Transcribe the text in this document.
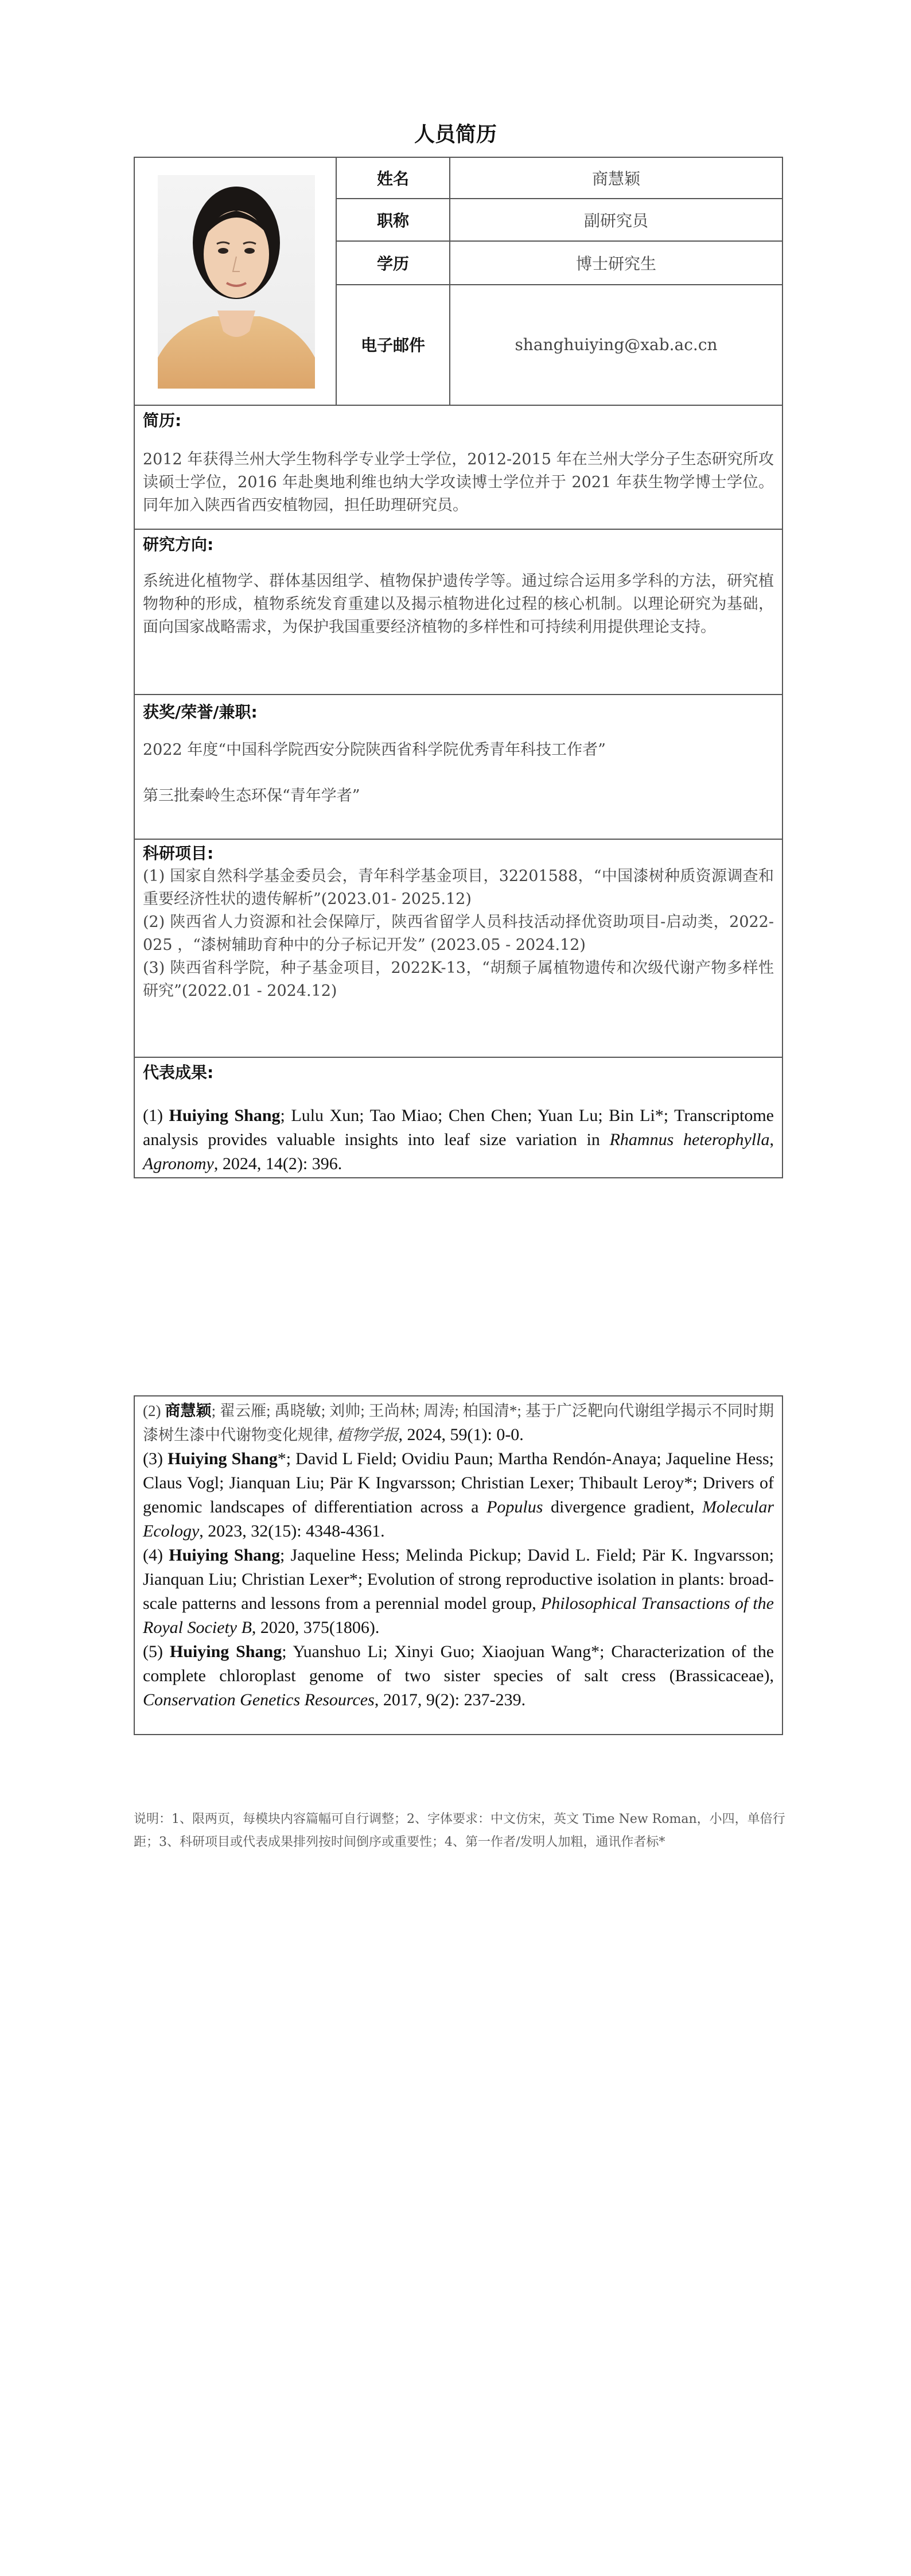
人员简历
姓名
职称
学历
电子邮件
商慧颖
副研究员
博士研究生
shanghuiying@xab.ac.cn
简历:
2012 年获得兰州大学生物科学专业学士学位，2012-2015 年在兰州大学分子生态研究所攻读硕士学位，2016 年赴奥地利维也纳大学攻读博士学位并于 2021 年获生物学博士学位。同年加入陕西省西安植物园，担任助理研究员。
研究方向:
系统进化植物学、群体基因组学、植物保护遗传学等。通过综合运用多学科的方法，研究植物物种的形成，植物系统发育重建以及揭示植物进化过程的核心机制。以理论研究为基础，面向国家战略需求，为保护我国重要经济植物的多样性和可持续利用提供理论支持。
获奖/荣誉/兼职:

2022 年度“中国科学院西安分院陕西省科学院优秀青年科技工作者”

第三批秦岭生态环保“青年学者”

科研项目:

(1) 国家自然科学基金委员会，青年科学基金项目，32201588，“中国漆树种质资源调查和重要经济性状的遗传解析”(2023.01- 2025.12)

(2) 陕西省人力资源和社会保障厅，陕西省留学人员科技活动择优资助项目-启动类，2022-025 ，“漆树辅助育种中的分子标记开发” (2023.05 - 2024.12)

(3) 陕西省科学院，种子基金项目，2022K-13，“胡颓子属植物遗传和次级代谢产物多样性研究”(2022.01 - 2024.12)

代表成果:
(1) Huiying Shang; Lulu Xun; Tao Miao; Chen Chen; Yuan Lu; Bin Li*; Transcriptome analysis provides valuable insights into leaf size variation in Rhamnus heterophylla, Agronomy, 2024, 14(2): 396.
(2) 商慧颖; 翟云雁; 禹晓敏; 刘帅; 王尚林; 周涛; 柏国清*; 基于广泛靶向代谢组学揭示不同时期漆树生漆中代谢物变化规律, 植物学报, 2024, 59(1): 0-0.
(3) Huiying Shang*; David L Field; Ovidiu Paun; Martha Rendón-Anaya; Jaqueline Hess; Claus Vogl; Jianquan Liu; Pär K Ingvarsson; Christian Lexer; Thibault Leroy*; Drivers of genomic landscapes of differentiation across a Populus divergence gradient, Molecular Ecology, 2023, 32(15): 4348-4361.
(4) Huiying Shang; Jaqueline Hess; Melinda Pickup; David L. Field; Pär K. Ingvarsson; Jianquan Liu; Christian Lexer*; Evolution of strong reproductive isolation in plants: broad-scale patterns and lessons from a perennial model group, Philosophical Transactions of the Royal Society B, 2020, 375(1806).
(5) Huiying Shang; Yuanshuo Li; Xinyi Guo; Xiaojuan Wang*; Characterization of the complete chloroplast genome of two sister species of salt cress (Brassicaceae), Conservation Genetics Resources, 2017, 9(2): 237-239.
说明：1、限两页，每模块内容篇幅可自行调整；2、字体要求：中文仿宋，英文 Time New Roman，小四，单倍行距；3、科研项目或代表成果排列按时间倒序或重要性；4、第一作者/发明人加粗，通讯作者标*
